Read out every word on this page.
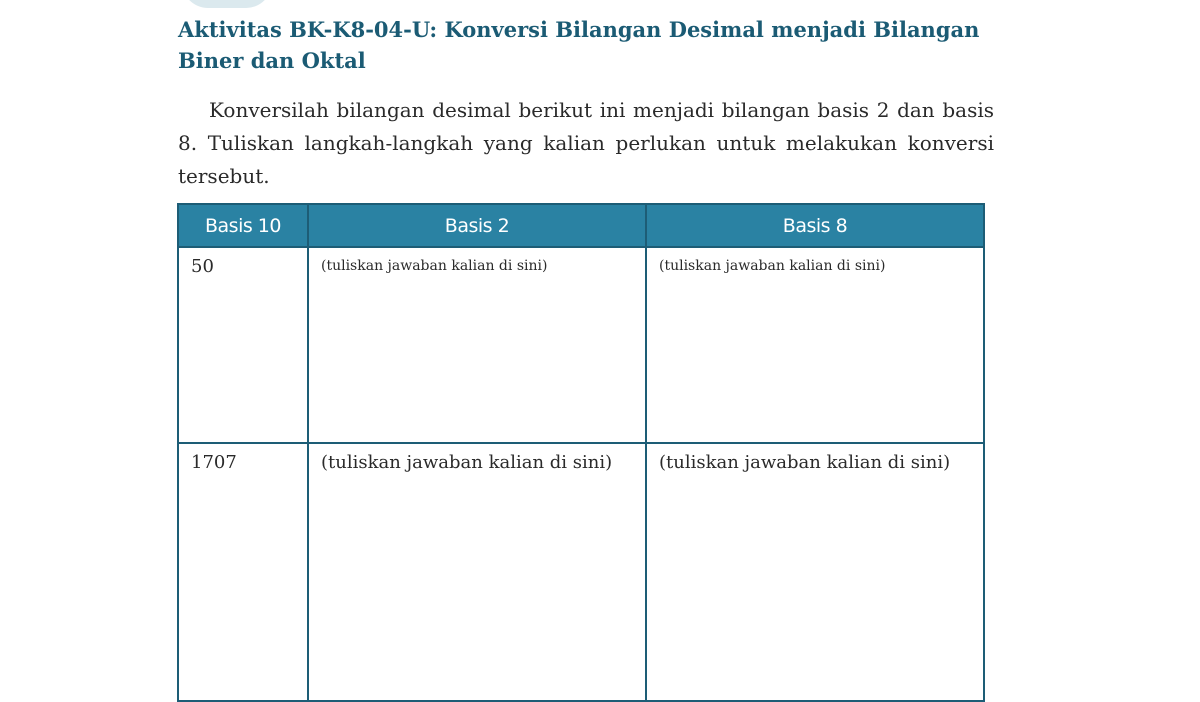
Aktivitas BK-K8-04-U: Konversi Bilangan Desimal menjadi Bilangan Biner dan Oktal

Konversilah bilangan desimal berikut ini menjadi bilangan basis 2 dan basis 8. Tuliskan langkah-langkah yang kalian perlukan untuk melakukan konversi tersebut.

Basis 10	Basis 2	Basis 8
50	(tuliskan jawaban kalian di sini)	(tuliskan jawaban kalian di sini)
1707	(tuliskan jawaban kalian di sini)	(tuliskan jawaban kalian di sini)
